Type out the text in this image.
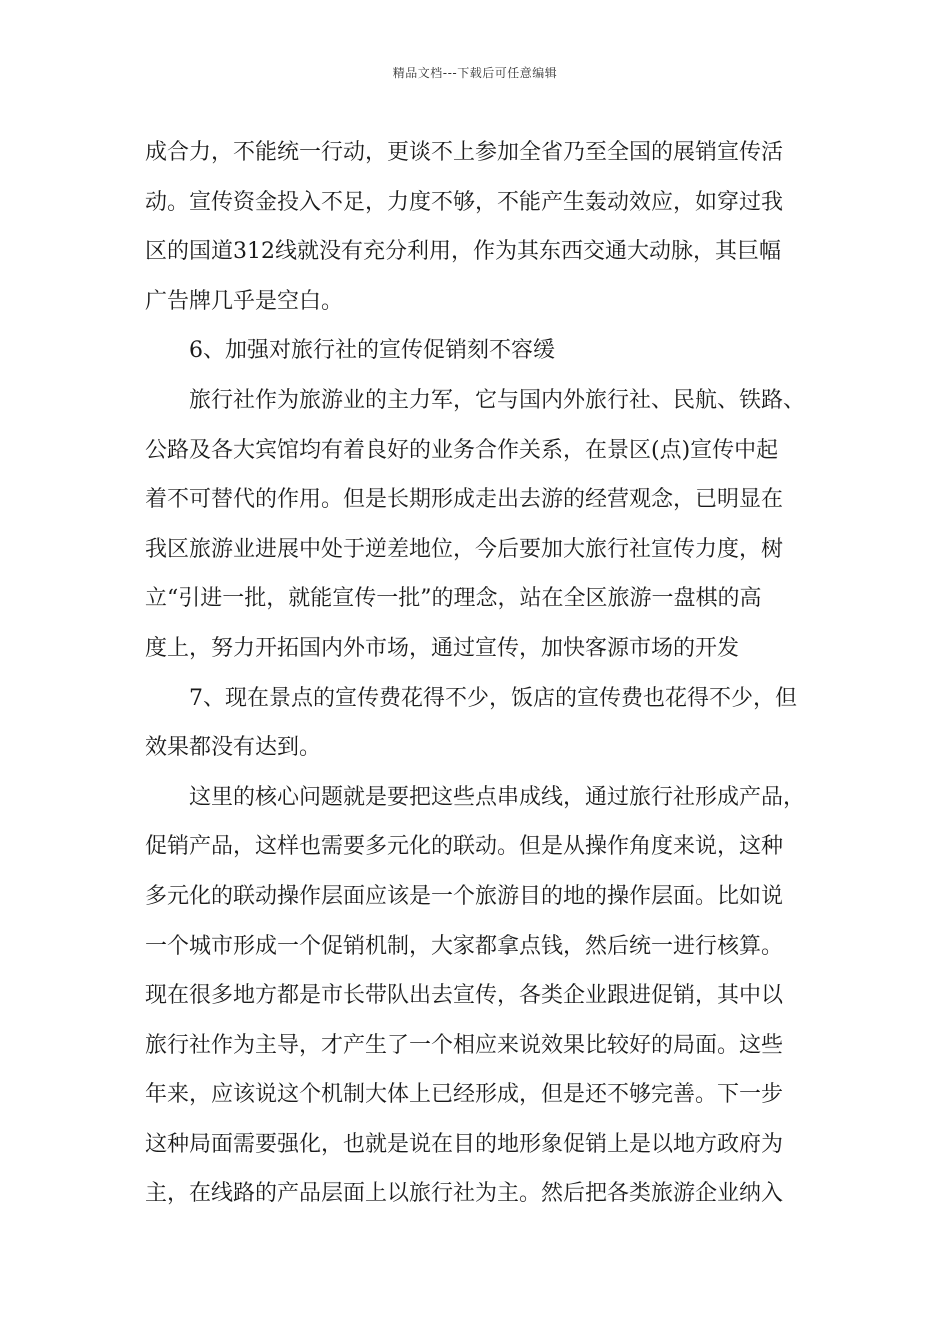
精品文档---下载后可任意编辑
成合力，不能统一行动，更谈不上参加全省乃至全国的展销宣传活
动。宣传资金投入不足，力度不够，不能产生轰动效应，如穿过我
区的国道312线就没有充分利用，作为其东西交通大动脉，其巨幅
广告牌几乎是空白。
6、加强对旅行社的宣传促销刻不容缓
旅行社作为旅游业的主力军，它与国内外旅行社、民航、铁路、
公路及各大宾馆均有着良好的业务合作关系，在景区(点)宣传中起
着不可替代的作用。但是长期形成走出去游的经营观念，已明显在
我区旅游业进展中处于逆差地位，今后要加大旅行社宣传力度，树
立“引进一批，就能宣传一批”的理念，站在全区旅游一盘棋的高
度上，努力开拓国内外市场，通过宣传，加快客源市场的开发
7、现在景点的宣传费花得不少，饭店的宣传费也花得不少，但
效果都没有达到。
这里的核心问题就是要把这些点串成线，通过旅行社形成产品，
促销产品，这样也需要多元化的联动。但是从操作角度来说，这种
多元化的联动操作层面应该是一个旅游目的地的操作层面。比如说
一个城市形成一个促销机制，大家都拿点钱，然后统一进行核算。
现在很多地方都是市长带队出去宣传，各类企业跟进促销，其中以
旅行社作为主导，才产生了一个相应来说效果比较好的局面。这些
年来，应该说这个机制大体上已经形成，但是还不够完善。下一步
这种局面需要强化，也就是说在目的地形象促销上是以地方政府为
主，在线路的产品层面上以旅行社为主。然后把各类旅游企业纳入
